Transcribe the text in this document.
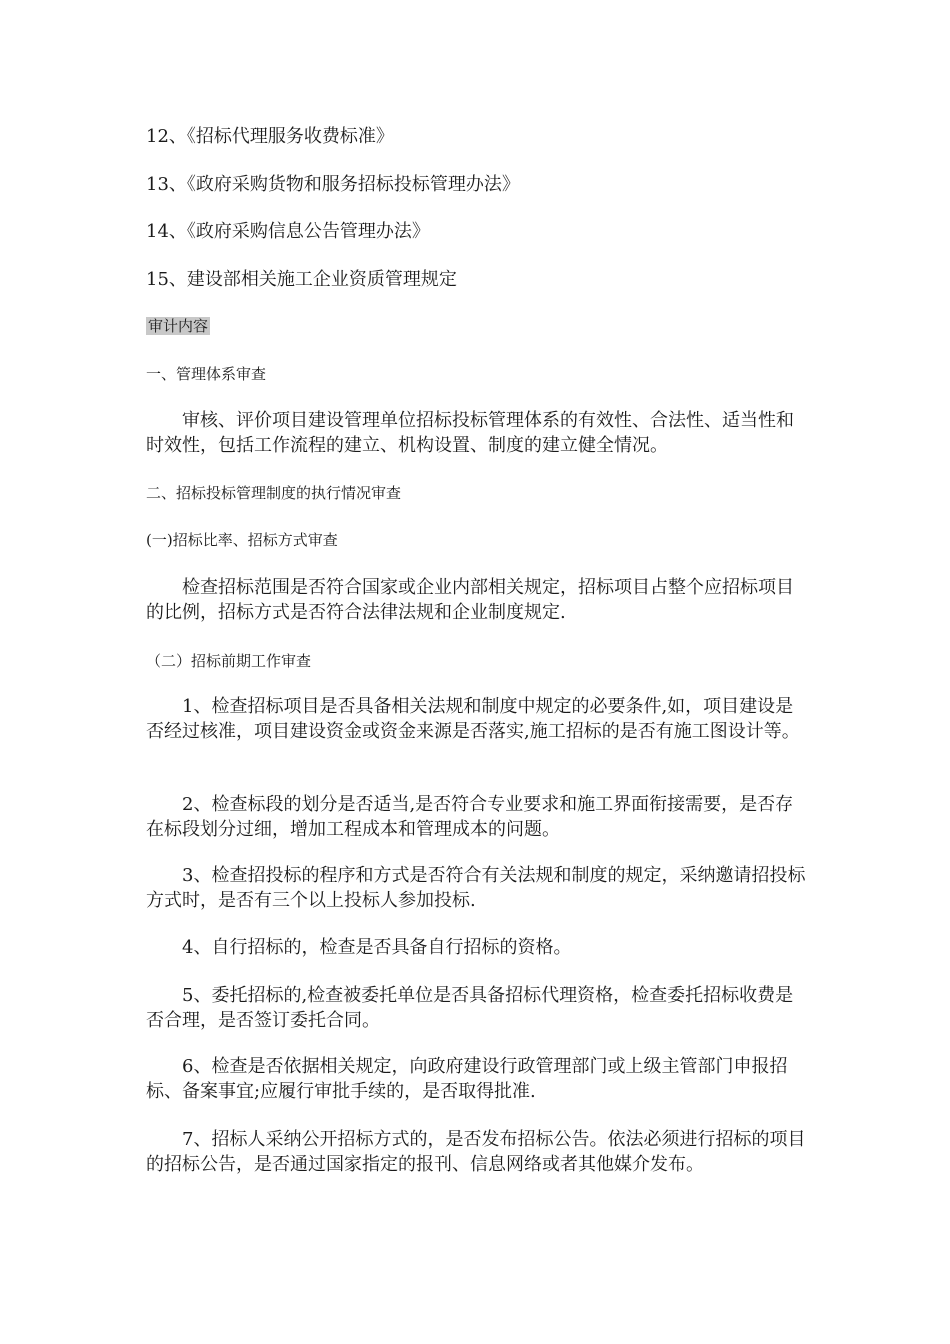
12、《招标代理服务收费标准》
13、《政府采购货物和服务招标投标管理办法》
14、《政府采购信息公告管理办法》
15、建设部相关施工企业资质管理规定
审计内容
一、管理体系审查
审核、评价项目建设管理单位招标投标管理体系的有效性、合法性、适当性和时效性，包括工作流程的建立、机构设置、制度的建立健全情况。
二、招标投标管理制度的执行情况审查
(一)招标比率、招标方式审查
检查招标范围是否符合国家或企业内部相关规定，招标项目占整个应招标项目的比例，招标方式是否符合法律法规和企业制度规定.
（二）招标前期工作审查
1、检查招标项目是否具备相关法规和制度中规定的必要条件,如，项目建设是否经过核准，项目建设资金或资金来源是否落实,施工招标的是否有施工图设计等。
2、检查标段的划分是否适当,是否符合专业要求和施工界面衔接需要，是否存在标段划分过细，增加工程成本和管理成本的问题。
3、检查招投标的程序和方式是否符合有关法规和制度的规定，采纳邀请招投标方式时，是否有三个以上投标人参加投标.
4、自行招标的，检查是否具备自行招标的资格。
5、委托招标的,检查被委托单位是否具备招标代理资格，检查委托招标收费是否合理，是否签订委托合同。
6、检查是否依据相关规定，向政府建设行政管理部门或上级主管部门申报招标、备案事宜;应履行审批手续的，是否取得批准.
7、招标人采纳公开招标方式的，是否发布招标公告。依法必须进行招标的项目的招标公告，是否通过国家指定的报刊、信息网络或者其他媒介发布。
